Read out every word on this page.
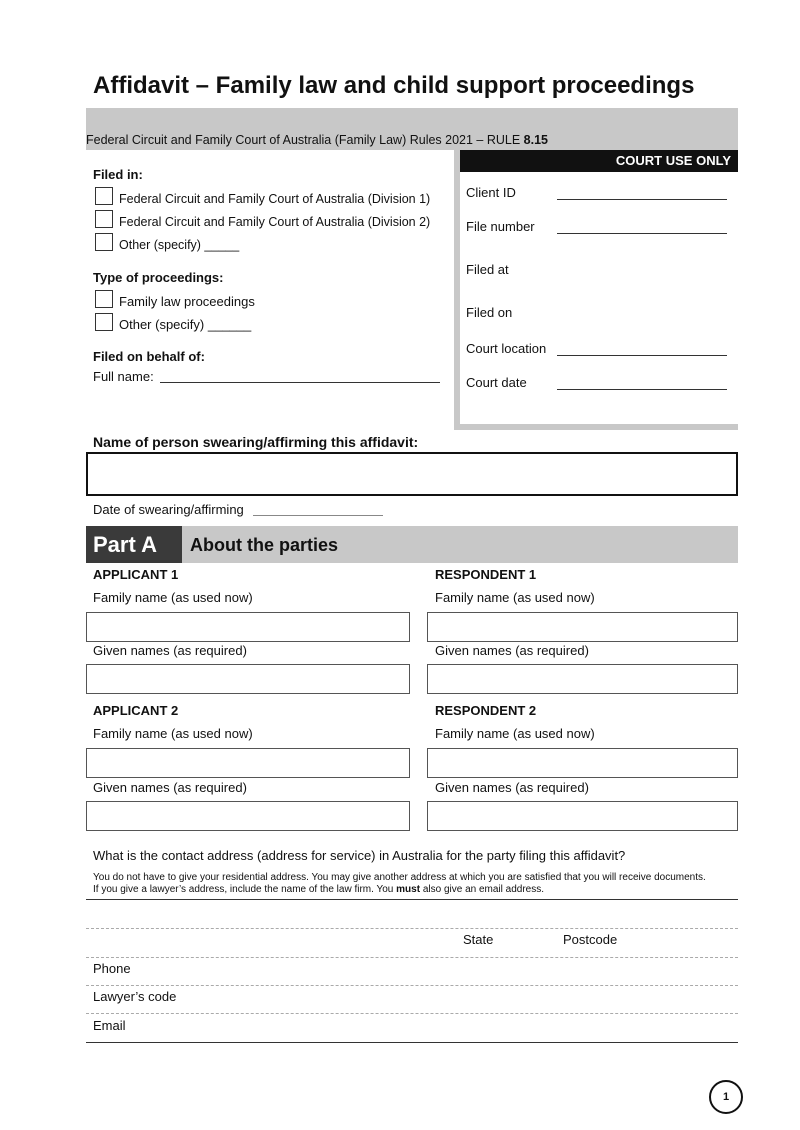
Affidavit – Family law and child support proceedings
Federal Circuit and Family Court of Australia (Family Law) Rules 2021 – RULE 8.15
COURT USE ONLY
Client ID
File number
Filed at
Filed on
Court location
Court date
Filed in:
Federal Circuit and Family Court of Australia (Division 1)
Federal Circuit and Family Court of Australia (Division 2)
Other (specify) _____
Type of proceedings:
Family law proceedings
Other (specify) ______
Filed on behalf of:
Full name:
Name of person swearing/affirming this affidavit:
Date of swearing/affirming
Part A	About the parties
APPLICANT 1	RESPONDENT 1
Family name (as used now)	Family name (as used now)
Given names (as required)	Given names (as required)
APPLICANT 2	RESPONDENT 2
Family name (as used now)	Family name (as used now)
Given names (as required)	Given names (as required)
What is the contact address (address for service) in Australia for the party filing this affidavit?
You do not have to give your residential address. You may give another address at which you are satisfied that you will receive documents. If you give a lawyer’s address, include the name of the law firm. You must also give an email address.
State	Postcode
Phone
Lawyer’s code
Email
1
